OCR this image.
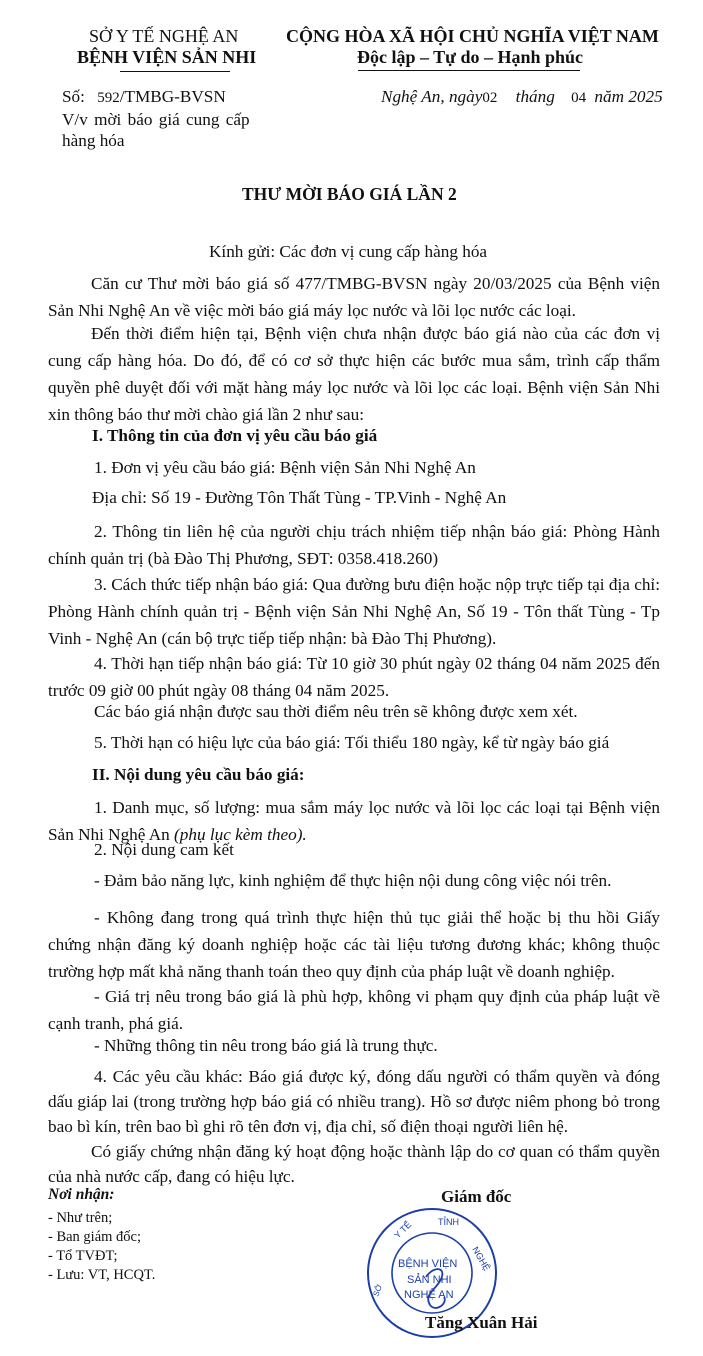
SỞ Y TẾ NGHỆ AN
BỆNH VIỆN SẢN NHI
CỘNG HÒA XÃ HỘI CHỦ NGHĨA VIỆT NAM
Độc lập – Tự do – Hạnh phúc
Số: 592/TMBG-BVSN
V/v mời báo giá cung cấp
hàng hóa
Nghệ An, ngày02 tháng 04 năm 2025
THƯ MỜI BÁO GIÁ LẦN 2
Kính gửi: Các đơn vị cung cấp hàng hóa
Căn cư Thư mời báo giá số 477/TMBG-BVSN ngày 20/03/2025 của Bệnh viện Sản Nhi Nghệ An về việc mời báo giá máy lọc nước và lõi lọc nước các loại.
Đến thời điểm hiện tại, Bệnh viện chưa nhận được báo giá nào của các đơn vị cung cấp hàng hóa. Do đó, để có cơ sở thực hiện các bước mua sắm, trình cấp thẩm quyền phê duyệt đối với mặt hàng máy lọc nước và lõi lọc các loại. Bệnh viện Sản Nhi xin thông báo thư mời chào giá lần 2 như sau:
I. Thông tin của đơn vị yêu cầu báo giá
1. Đơn vị yêu cầu báo giá: Bệnh viện Sản Nhi Nghệ An
Địa chỉ: Số 19 - Đường Tôn Thất Tùng - TP.Vinh - Nghệ An
2. Thông tin liên hệ của người chịu trách nhiệm tiếp nhận báo giá: Phòng Hành chính quản trị (bà Đào Thị Phương, SĐT: 0358.418.260)
3. Cách thức tiếp nhận báo giá: Qua đường bưu điện hoặc nộp trực tiếp tại địa chỉ: Phòng Hành chính quản trị - Bệnh viện Sản Nhi Nghệ An, Số 19 - Tôn thất Tùng - Tp Vinh - Nghệ An (cán bộ trực tiếp tiếp nhận: bà Đào Thị Phương).
4. Thời hạn tiếp nhận báo giá: Từ 10 giờ 30 phút ngày 02 tháng 04 năm 2025 đến trước 09 giờ 00 phút ngày 08 tháng 04 năm 2025.
Các báo giá nhận được sau thời điểm nêu trên sẽ không được xem xét.
5. Thời hạn có hiệu lực của báo giá: Tối thiểu 180 ngày, kể từ ngày báo giá
II. Nội dung yêu cầu báo giá:
1. Danh mục, số lượng: mua sắm máy lọc nước và lõi lọc các loại tại Bệnh viện Sản Nhi Nghệ An (phụ lục kèm theo).
2. Nội dung cam kết
- Đảm bảo năng lực, kinh nghiệm để thực hiện nội dung công việc nói trên.
- Không đang trong quá trình thực hiện thủ tục giải thể hoặc bị thu hồi Giấy chứng nhận đăng ký doanh nghiệp hoặc các tài liệu tương đương khác; không thuộc trường hợp mất khả năng thanh toán theo quy định của pháp luật về doanh nghiệp.
- Giá trị nêu trong báo giá là phù hợp, không vi phạm quy định của pháp luật về cạnh tranh, phá giá.
- Những thông tin nêu trong báo giá là trung thực.
4. Các yêu cầu khác: Báo giá được ký, đóng dấu người có thẩm quyền và đóng dấu giáp lai (trong trường hợp báo giá có nhiều trang). Hồ sơ được niêm phong bỏ trong bao bì kín, trên bao bì ghi rõ tên đơn vị, địa chỉ, số điện thoại người liên hệ.
Có giấy chứng nhận đăng ký hoạt động hoặc thành lập do cơ quan có thẩm quyền của nhà nước cấp, đang có hiệu lực.
Nơi nhận:
- Như trên;
- Ban giám đốc;
- Tổ TVĐT;
- Lưu: VT, HCQT.
Giám đốc
Y TẾ	TỈNH
NGHỆ
SỞ
BỆNH VIỆN
SẢN NHI
NGHỆ AN
Tăng Xuân Hải
